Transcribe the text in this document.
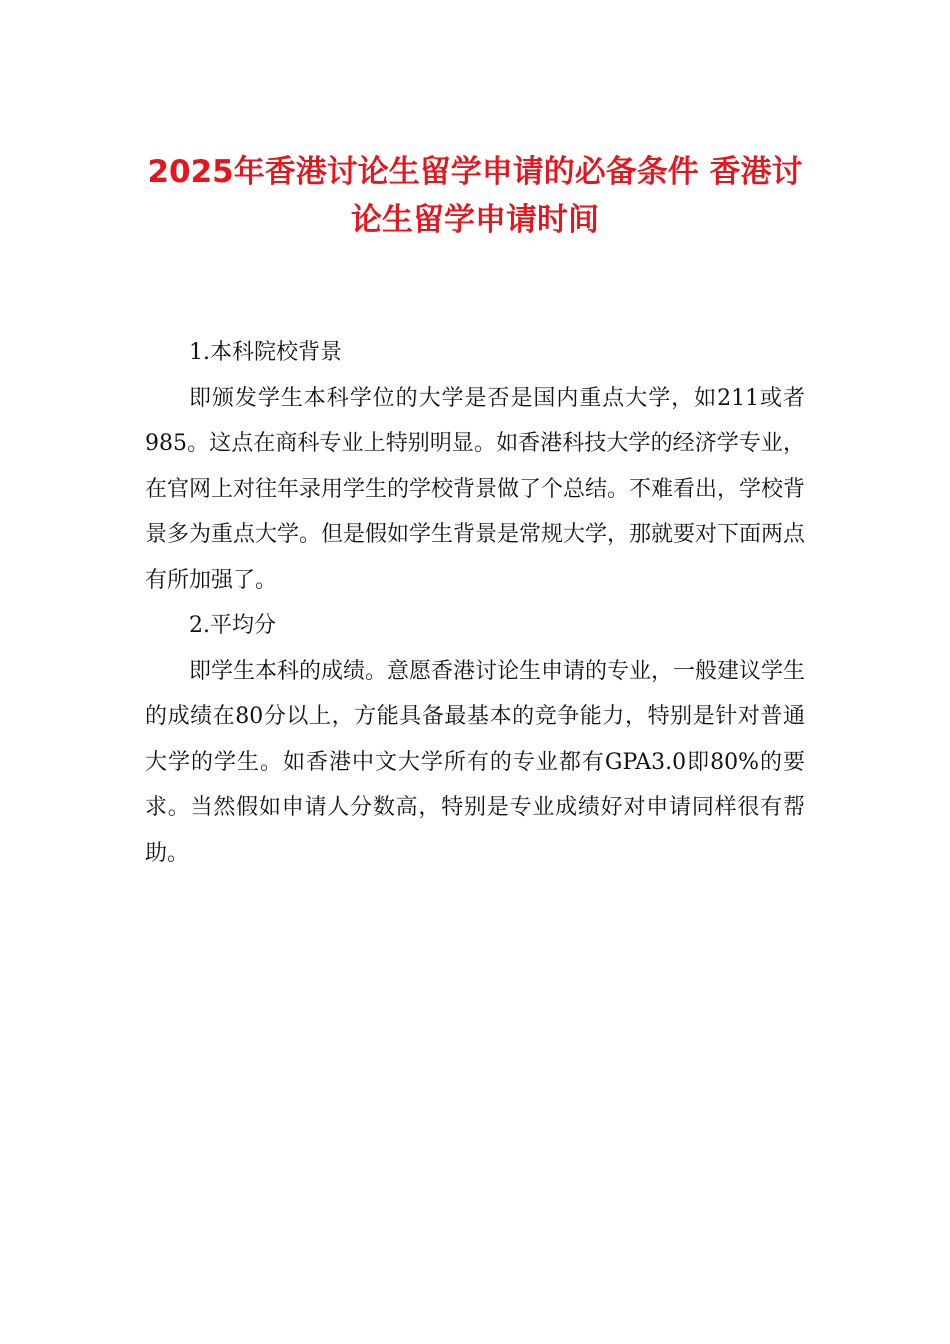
2025年香港讨论生留学申请的必备条件 香港讨论生留学申请时间

1.本科院校背景

即颁发学生本科学位的大学是否是国内重点大学，如211或者985。这点在商科专业上特别明显。如香港科技大学的经济学专业，在官网上对往年录用学生的学校背景做了个总结。不难看出，学校背景多为重点大学。但是假如学生背景是常规大学，那就要对下面两点有所加强了。

2.平均分

即学生本科的成绩。意愿香港讨论生申请的专业，一般建议学生的成绩在80分以上，方能具备最基本的竞争能力，特别是针对普通大学的学生。如香港中文大学所有的专业都有GPA3.0即80%的要求。当然假如申请人分数高，特别是专业成绩好对申请同样很有帮助。
